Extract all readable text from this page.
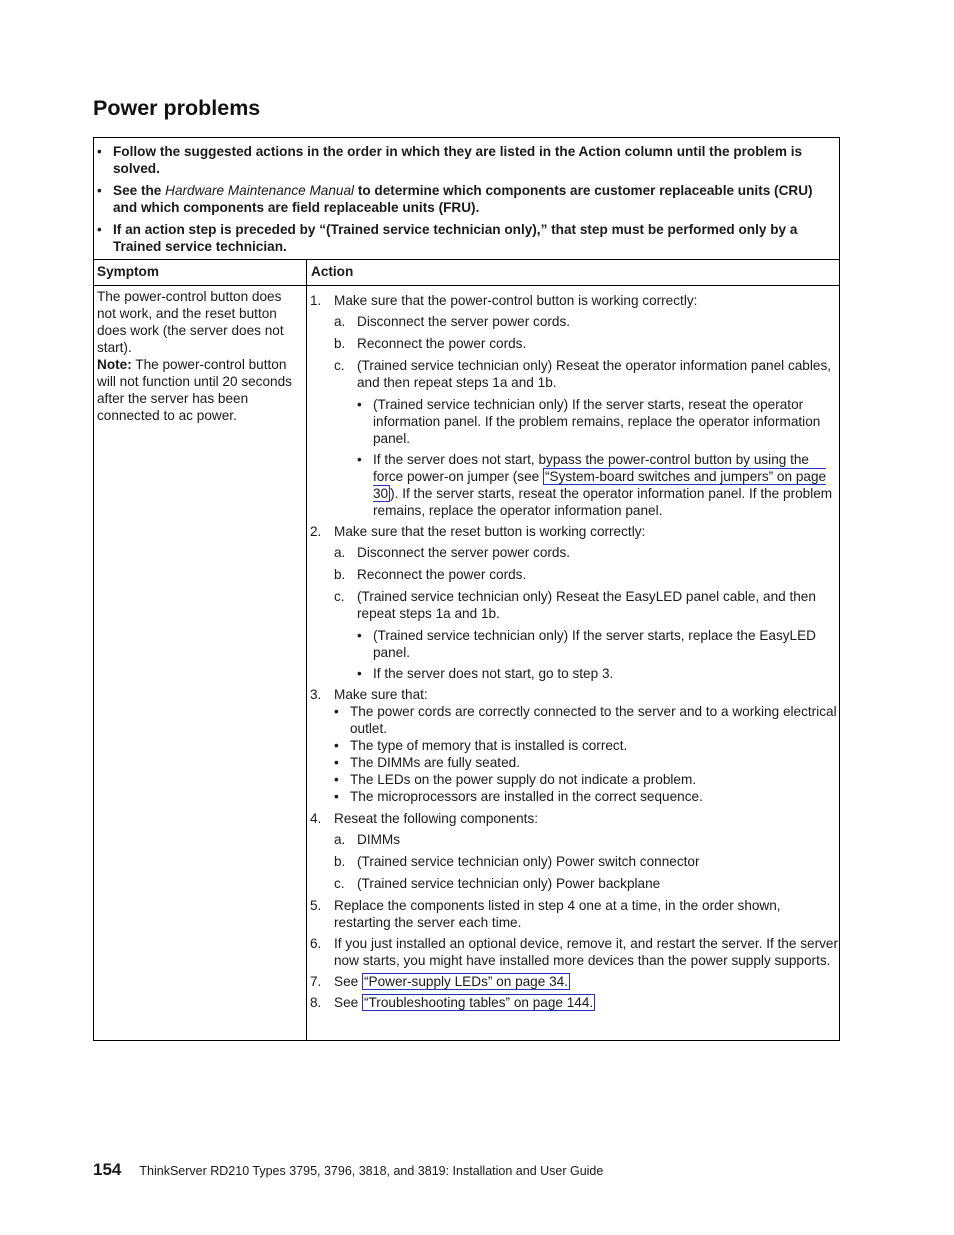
Power problems
• Follow the suggested actions in the order in which they are listed in the Action column until the problem is solved.
• See the Hardware Maintenance Manual to determine which components are customer replaceable units (CRU) and which components are field replaceable units (FRU).
• If an action step is preceded by “(Trained service technician only),” that step must be performed only by a Trained service technician.
Symptom	Action
The power-control button does not work, and the reset button does work (the server does not start).
Note: The power-control button will not function until 20 seconds after the server has been connected to ac power.
1. Make sure that the power-control button is working correctly:
a. Disconnect the server power cords.
b. Reconnect the power cords.
c. (Trained service technician only) Reseat the operator information panel cables, and then repeat steps 1a and 1b.
• (Trained service technician only) If the server starts, reseat the operator information panel. If the problem remains, replace the operator information panel.
• If the server does not start, bypass the power-control button by using the force power-on jumper (see “System-board switches and jumpers” on page 30 ). If the server starts, reseat the operator information panel. If the problem remains, replace the operator information panel.
2. Make sure that the reset button is working correctly:
a. Disconnect the server power cords.
b. Reconnect the power cords.
c. (Trained service technician only) Reseat the EasyLED panel cable, and then repeat steps 1a and 1b.
• (Trained service technician only) If the server starts, replace the EasyLED panel.
• If the server does not start, go to step 3.
3. Make sure that:
• The power cords are correctly connected to the server and to a working electrical outlet.
• The type of memory that is installed is correct.
• The DIMMs are fully seated.
• The LEDs on the power supply do not indicate a problem.
• The microprocessors are installed in the correct sequence.
4. Reseat the following components:
a. DIMMs
b. (Trained service technician only) Power switch connector
c. (Trained service technician only) Power backplane
5. Replace the components listed in step 4 one at a time, in the order shown, restarting the server each time.
6. If you just installed an optional device, remove it, and restart the server. If the server now starts, you might have installed more devices than the power supply supports.
7. See “Power-supply LEDs” on page 34.
8. See “Troubleshooting tables” on page 144.
154 ThinkServer RD210 Types 3795, 3796, 3818, and 3819: Installation and User Guide
